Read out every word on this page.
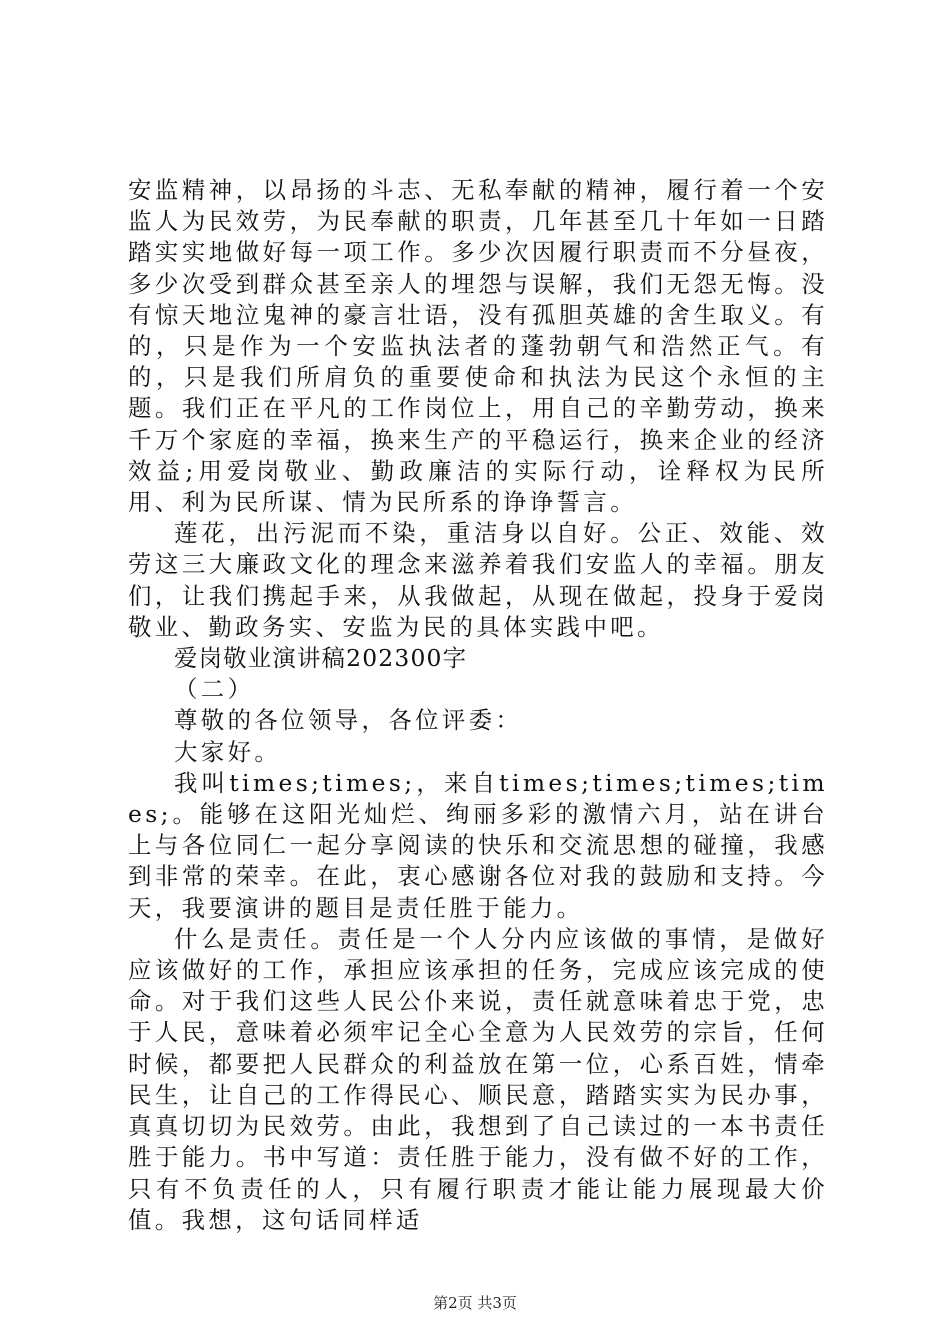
安监精神，以昂扬的斗志、无私奉献的精神，履行着一个安监人为民效劳，为民奉献的职责，几年甚至几十年如一日踏踏实实地做好每一项工作。多少次因履行职责而不分昼夜，多少次受到群众甚至亲人的埋怨与误解，我们无怨无悔。没有惊天地泣鬼神的豪言壮语，没有孤胆英雄的舍生取义。有的，只是作为一个安监执法者的蓬勃朝气和浩然正气。有的，只是我们所肩负的重要使命和执法为民这个永恒的主题。我们正在平凡的工作岗位上，用自己的辛勤劳动，换来千万个家庭的幸福，换来生产的平稳运行，换来企业的经济效益;用爱岗敬业、勤政廉洁的实际行动，诠释权为民所用、利为民所谋、情为民所系的诤诤誓言。

莲花，出污泥而不染，重洁身以自好。公正、效能、效劳这三大廉政文化的理念来滋养着我们安监人的幸福。朋友们，让我们携起手来，从我做起，从现在做起，投身于爱岗敬业、勤政务实、安监为民的具体实践中吧。

爱岗敬业演讲稿202300字

（二）

尊敬的各位领导，各位评委：

大家好。

我叫times;times;，来自times;times;times;times;。能够在这阳光灿烂、绚丽多彩的激情六月，站在讲台上与各位同仁一起分享阅读的快乐和交流思想的碰撞，我感到非常的荣幸。在此，衷心感谢各位对我的鼓励和支持。今天，我要演讲的题目是责任胜于能力。

什么是责任。责任是一个人分内应该做的事情，是做好应该做好的工作，承担应该承担的任务，完成应该完成的使命。对于我们这些人民公仆来说，责任就意味着忠于党，忠于人民，意味着必须牢记全心全意为人民效劳的宗旨，任何时候，都要把人民群众的利益放在第一位，心系百姓，情牵民生，让自己的工作得民心、顺民意，踏踏实实为民办事，真真切切为民效劳。由此，我想到了自己读过的一本书责任胜于能力。书中写道：责任胜于能力，没有做不好的工作，只有不负责任的人，只有履行职责才能让能力展现最大价值。我想，这句话同样适

第2页 共3页
